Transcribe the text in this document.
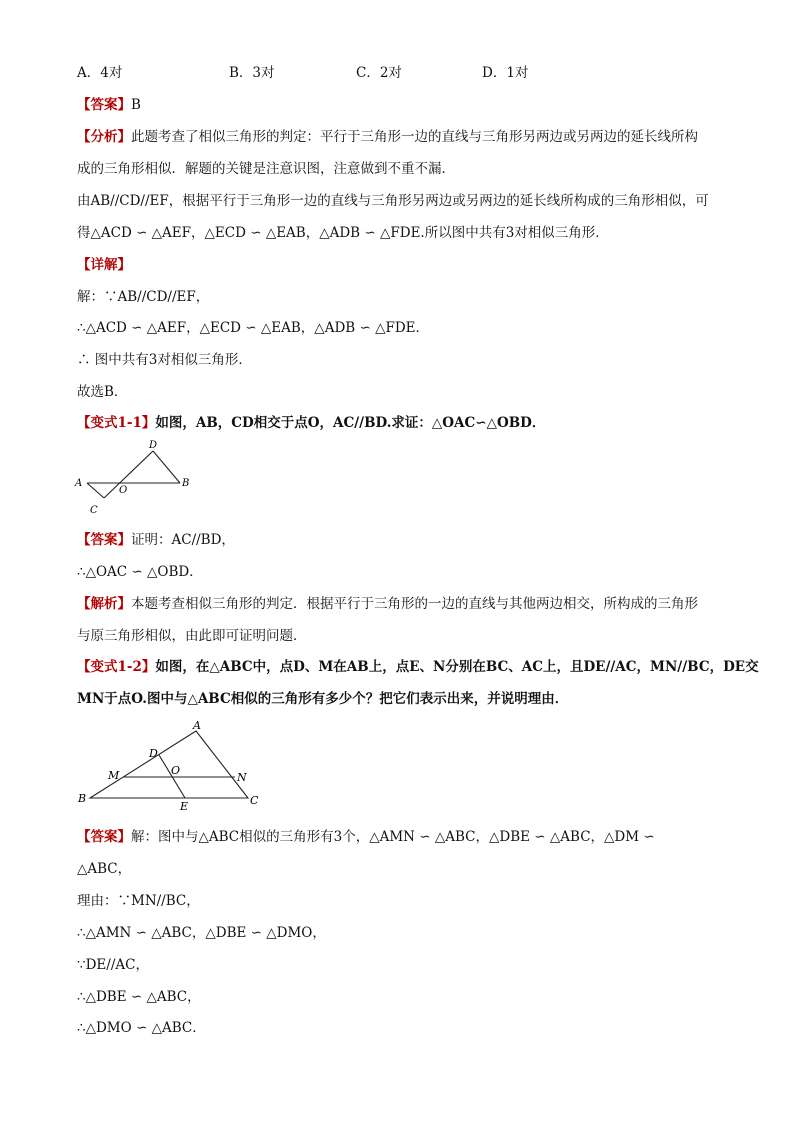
A．4对	B．3对	C．2对	D．1对
【答案】B
【分析】此题考查了相似三角形的判定：平行于三角形一边的直线与三角形另两边或另两边的延长线所构
成的三角形相似．解题的关键是注意识图，注意做到不重不漏．
由AB//CD//EF，根据平行于三角形一边的直线与三角形另两边或另两边的延长线所构成的三角形相似，可
得△ACD ∽ △AEF，△ECD ∽ △EAB，△ADB ∽ △FDE.所以图中共有3对相似三角形．
【详解】
解：∵AB//CD//EF，
∴△ACD ∽ △AEF，△ECD ∽ △EAB，△ADB ∽ △FDE．
∴ 图中共有3对相似三角形．
故选B．
【变式1-1】如图，AB，CD相交于点O，AC//BD.求证：△OAC∽△OBD．
A	B
C
D
O
【答案】证明：AC//BD，
∴△OAC ∽ △OBD．
【解析】本题考查相似三角形的判定．根据平行于三角形的一边的直线与其他两边相交，所构成的三角形
与原三角形相似，由此即可证明问题．
【变式1-2】如图，在△ABC中，点D、M在AB上，点E、N分别在BC、AC上，且DE//AC，MN//BC，DE交
MN于点O.图中与△ABC相似的三角形有多少个？把它们表示出来，并说明理由．
A
B	C
D
E
M	N
O
【答案】解：图中与△ABC相似的三角形有3个，△AMN ∽ △ABC，△DBE ∽ △ABC，△DM ∽
△ABC，
理由：∵MN//BC，
∴△AMN ∽ △ABC，△DBE ∽ △DMO，
∵DE//AC，
∴△DBE ∽ △ABC，
∴△DMO ∽ △ABC．
